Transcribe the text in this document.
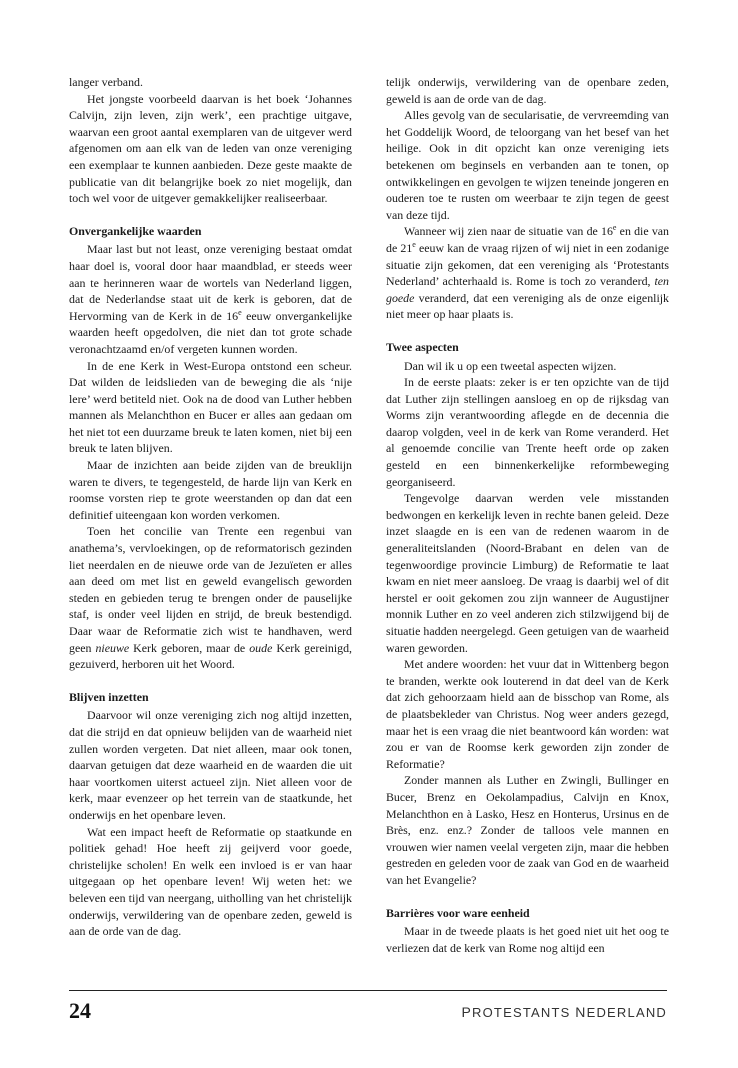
langer verband.

Het jongste voorbeeld daarvan is het boek ‘Johannes Calvijn, zijn leven, zijn werk’, een prachtige uitgave, waarvan een groot aantal exemplaren van de uitgever werd afgenomen om aan elk van de leden van onze vereniging een exemplaar te kunnen aanbieden. Deze geste maakte de publicatie van dit belangrijke boek zo niet mogelijk, dan toch wel voor de uitgever gemakkelijker realiseerbaar.

Onvergankelijke waarden

Maar last but not least, onze vereniging bestaat omdat haar doel is, vooral door haar maandblad, er steeds weer aan te herinneren waar de wortels van Nederland liggen, dat de Nederlandse staat uit de kerk is geboren, dat de Hervorming van de Kerk in de 16e eeuw onvergankelijke waarden heeft opgedolven, die niet dan tot grote schade veronachtzaamd en/of vergeten kunnen worden.

In de ene Kerk in West-Europa ontstond een scheur. Dat wilden de leidslieden van de beweging die als ‘nije lere’ werd betiteld niet. Ook na de dood van Luther hebben mannen als Melanchthon en Bucer er alles aan gedaan om het niet tot een duurzame breuk te laten komen, niet bij een breuk te laten blijven.

Maar de inzichten aan beide zijden van de breuklijn waren te divers, te tegengesteld, de harde lijn van Kerk en roomse vorsten riep te grote weerstanden op dan dat een definitief uiteengaan kon worden verkomen.

Toen het concilie van Trente een regenbui van anathema’s, vervloekingen, op de reformatorisch gezinden liet neerdalen en de nieuwe orde van de Jezuïeten er alles aan deed om met list en geweld evangelisch geworden steden en gebieden terug te brengen onder de pauselijke staf, is onder veel lijden en strijd, de breuk bestendigd. Daar waar de Reformatie zich wist te handhaven, werd geen nieuwe Kerk geboren, maar de oude Kerk gereinigd, gezuiverd, herboren uit het Woord.

Blijven inzetten

Daarvoor wil onze vereniging zich nog altijd inzetten, dat die strijd en dat opnieuw belijden van de waarheid niet zullen worden vergeten. Dat niet alleen, maar ook tonen, daarvan getuigen dat deze waarheid en de waarden die uit haar voortkomen uiterst actueel zijn. Niet alleen voor de kerk, maar evenzeer op het terrein van de staatkunde, het onderwijs en het openbare leven.

Wat een impact heeft de Reformatie op staatkunde en politiek gehad! Hoe heeft zij geijverd voor goede, christelijke scholen! En welk een invloed is er van haar uitgegaan op het openbare leven! Wij weten het: we beleven een tijd van neergang, uitholling van het christelijk onderwijs, verwildering van de openbare zeden, geweld is aan de orde van de dag.

telijk onderwijs, verwildering van de openbare zeden, geweld is aan de orde van de dag.

Alles gevolg van de secularisatie, de vervreemding van het Goddelijk Woord, de teloorgang van het besef van het heilige. Ook in dit opzicht kan onze vereniging iets betekenen om beginsels en verbanden aan te tonen, op ontwikkelingen en gevolgen te wijzen teneinde jongeren en ouderen toe te rusten om weerbaar te zijn tegen de geest van deze tijd.

Wanneer wij zien naar de situatie van de 16e en die van de 21e eeuw kan de vraag rijzen of wij niet in een zodanige situatie zijn gekomen, dat een vereniging als ‘Protestants Nederland’ achterhaald is. Rome is toch zo veranderd, ten goede veranderd, dat een vereniging als de onze eigenlijk niet meer op haar plaats is.

Twee aspecten

Dan wil ik u op een tweetal aspecten wijzen.

In de eerste plaats: zeker is er ten opzichte van de tijd dat Luther zijn stellingen aansloeg en op de rijksdag van Worms zijn verantwoording aflegde en de decennia die daarop volgden, veel in de kerk van Rome veranderd. Het al genoemde concilie van Trente heeft orde op zaken gesteld en een binnenkerkelijke reformbeweging georganiseerd.

Tengevolge daarvan werden vele misstanden bedwongen en kerkelijk leven in rechte banen geleid. Deze inzet slaagde en is een van de redenen waarom in de generaliteitslanden (Noord-Brabant en delen van de tegenwoordige provincie Limburg) de Reformatie te laat kwam en niet meer aansloeg. De vraag is daarbij wel of dit herstel er ooit gekomen zou zijn wanneer de Augustijner monnik Luther en zo veel anderen zich stilzwijgend bij de situatie hadden neergelegd. Geen getuigen van de waarheid waren geworden.

Met andere woorden: het vuur dat in Wittenberg begon te branden, werkte ook louterend in dat deel van de Kerk dat zich gehoorzaam hield aan de bisschop van Rome, als de plaatsbekleder van Christus. Nog weer anders gezegd, maar het is een vraag die niet beantwoord kán worden: wat zou er van de Roomse kerk geworden zijn zonder de Reformatie?

Zonder mannen als Luther en Zwingli, Bullinger en Bucer, Brenz en Oekolampadius, Calvijn en Knox, Melanchthon en à Lasko, Hesz en Honterus, Ursinus en de Brès, enz. enz.? Zonder de talloos vele mannen en vrouwen wier namen veelal vergeten zijn, maar die hebben gestreden en geleden voor de zaak van God en de waarheid van het Evangelie?

Barrières voor ware eenheid

Maar in de tweede plaats is het goed niet uit het oog te verliezen dat de kerk van Rome nog altijd een

24	PROTESTANTS NEDERLAND
